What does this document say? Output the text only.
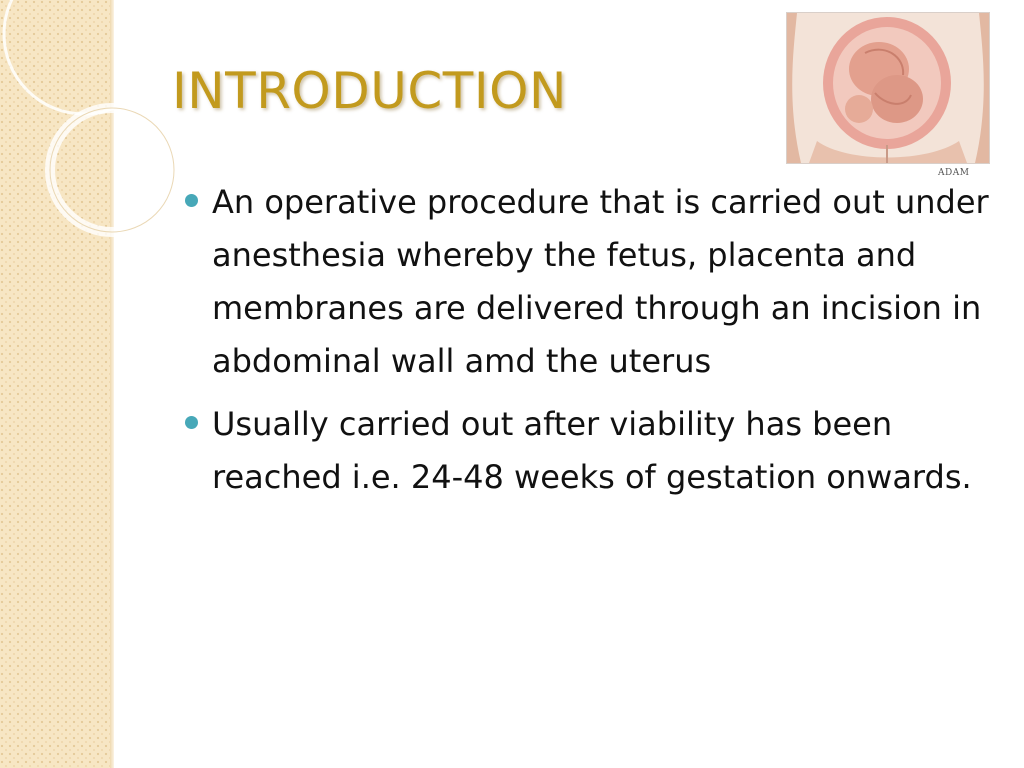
INTRODUCTION
ADAM
An operative procedure that is carried out under anesthesia whereby the fetus, placenta and membranes are delivered through an incision in abdominal wall amd the uterus
Usually carried out after viability has been reached i.e. 24-48 weeks of gestation onwards.
